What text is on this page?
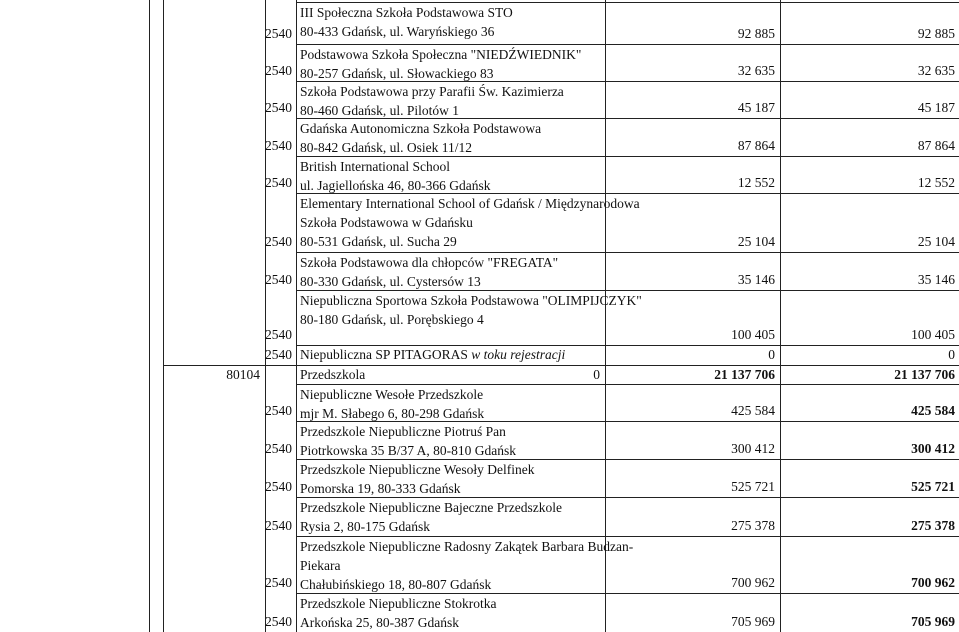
III Społeczna Szkoła Podstawowa STO
80-433 Gdańsk, ul. Waryńskiego 36
2540	92 885	92 885
Podstawowa Szkoła Społeczna "NIEDŹWIEDNIK"
80-257 Gdańsk, ul. Słowackiego 83
2540	32 635	32 635
Szkoła Podstawowa przy Parafii Św. Kazimierza
80-460 Gdańsk, ul. Pilotów 1
2540	45 187	45 187
Gdańska Autonomiczna Szkoła Podstawowa
80-842 Gdańsk, ul. Osiek 11/12
2540	87 864	87 864
British International School
ul. Jagiellońska 46, 80-366 Gdańsk
2540	12 552	12 552
Elementary International School of Gdańsk / Międzynarodowa
Szkoła Podstawowa w Gdańsku
80-531 Gdańsk, ul. Sucha 29
2540	25 104	25 104
Szkoła Podstawowa dla chłopców "FREGATA"
80-330 Gdańsk, ul. Cystersów 13
2540	35 146	35 146
Niepubliczna Sportowa Szkoła Podstawowa "OLIMPIJCZYK"
80-180 Gdańsk, ul. Porębskiego 4
2540	100 405	100 405
Niepubliczna SP PITAGORAS w toku rejestracji
2540	0	0
Przedszkola
80104	0	21 137 706	21 137 706
Niepubliczne Wesołe Przedszkole
mjr M. Słabego 6, 80-298 Gdańsk
2540	425 584	425 584
Przedszkole Niepubliczne Piotruś Pan
Piotrkowska 35 B/37 A, 80-810 Gdańsk
2540	300 412	300 412
Przedszkole Niepubliczne Wesoły Delfinek
Pomorska 19, 80-333 Gdańsk
2540	525 721	525 721
Przedszkole Niepubliczne Bajeczne Przedszkole
Rysia 2, 80-175 Gdańsk
2540	275 378	275 378
Przedszkole Niepubliczne Radosny Zakątek Barbara Budzan-
Piekara
Chałubińskiego 18, 80-807 Gdańsk
2540	700 962	700 962
Przedszkole Niepubliczne Stokrotka
Arkońska 25, 80-387 Gdańsk
2540	705 969	705 969
